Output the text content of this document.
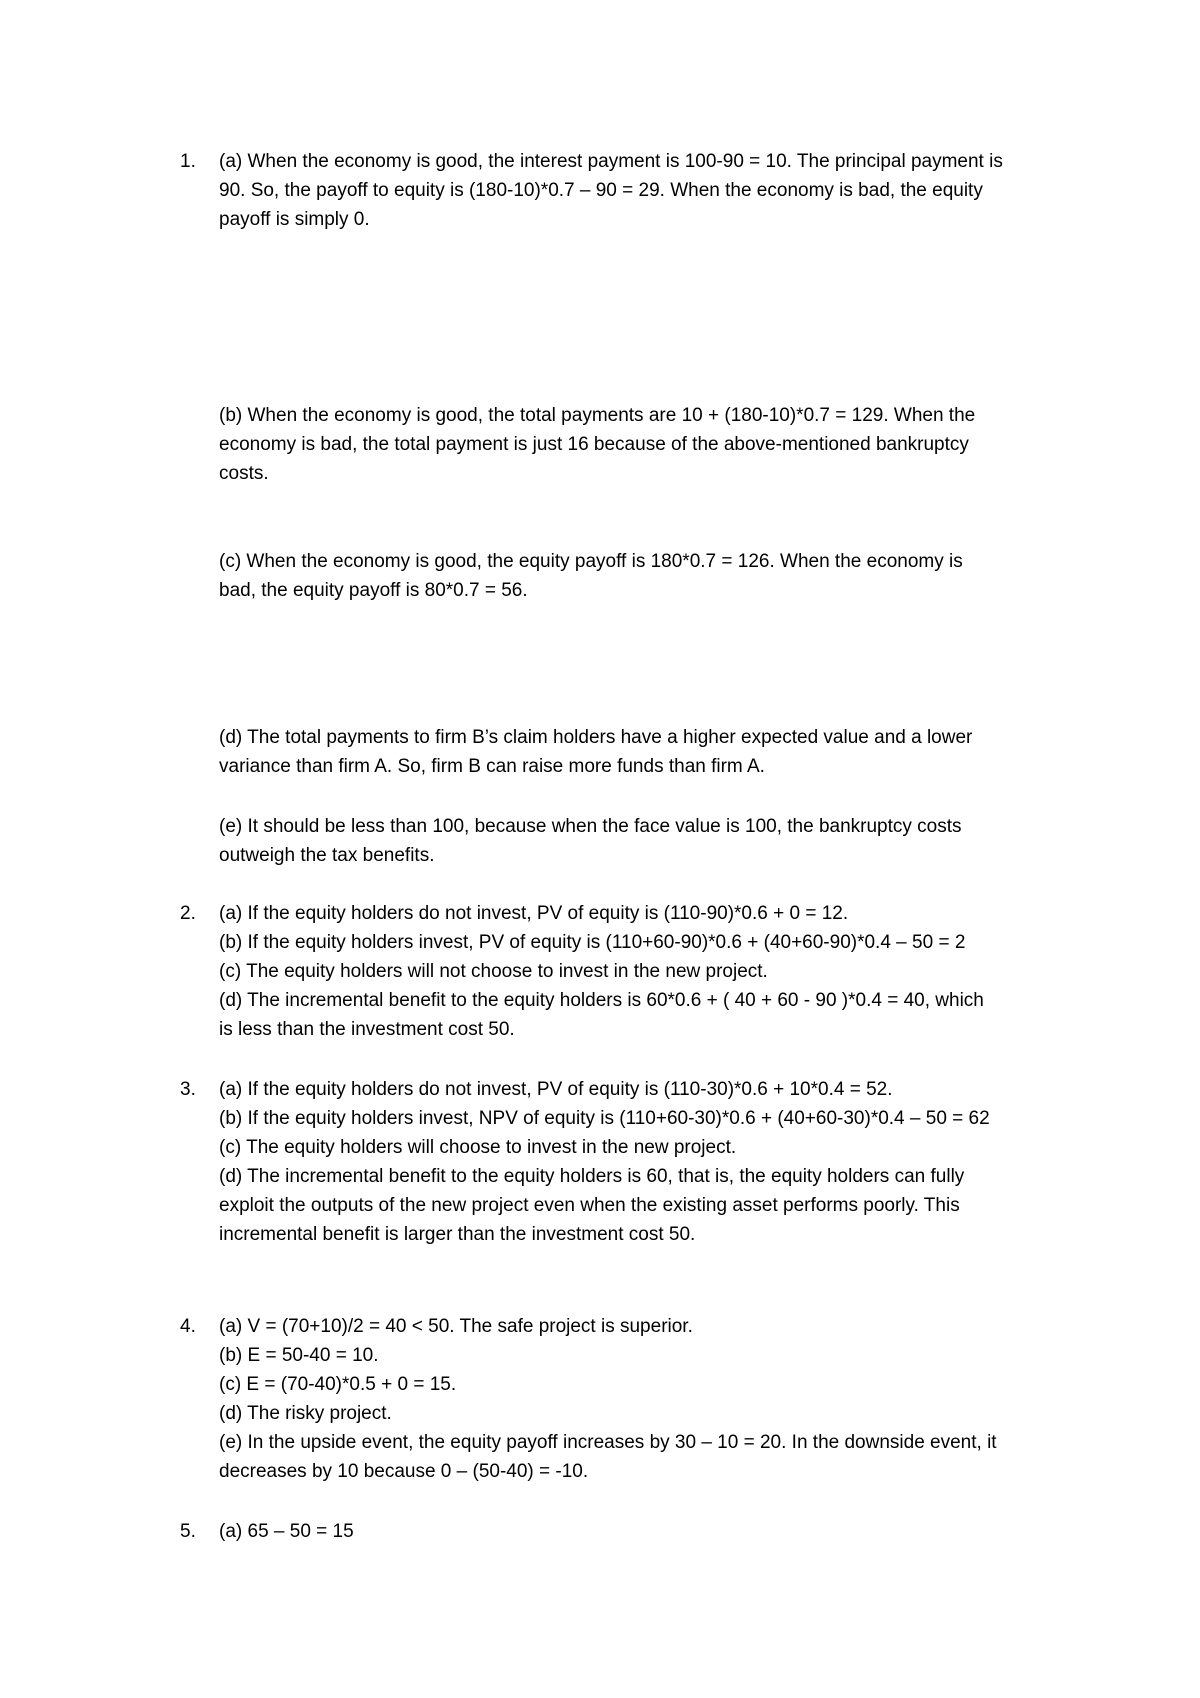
1. (a) When the economy is good, the interest payment is 100-90 = 10. The principal payment is
90. So, the payoff to equity is (180-10)*0.7 – 90 = 29. When the economy is bad, the equity
payoff is simply 0.
(b) When the economy is good, the total payments are 10 + (180-10)*0.7 = 129. When the
economy is bad, the total payment is just 16 because of the above-mentioned bankruptcy
costs.
(c) When the economy is good, the equity payoff is 180*0.7 = 126. When the economy is
bad, the equity payoff is 80*0.7 = 56.
(d) The total payments to firm B’s claim holders have a higher expected value and a lower
variance than firm A. So, firm B can raise more funds than firm A.
(e) It should be less than 100, because when the face value is 100, the bankruptcy costs
outweigh the tax benefits.
2. (a) If the equity holders do not invest, PV of equity is (110-90)*0.6 + 0 = 12.
(b) If the equity holders invest, PV of equity is (110+60-90)*0.6 + (40+60-90)*0.4 – 50 = 2
(c) The equity holders will not choose to invest in the new project.
(d) The incremental benefit to the equity holders is 60*0.6 + ( 40 + 60 - 90 )*0.4 = 40, which
is less than the investment cost 50.
3. (a) If the equity holders do not invest, PV of equity is (110-30)*0.6 + 10*0.4 = 52.
(b) If the equity holders invest, NPV of equity is (110+60-30)*0.6 + (40+60-30)*0.4 – 50 = 62
(c) The equity holders will choose to invest in the new project.
(d) The incremental benefit to the equity holders is 60, that is, the equity holders can fully
exploit the outputs of the new project even when the existing asset performs poorly. This
incremental benefit is larger than the investment cost 50.
4. (a) V = (70+10)/2 = 40 < 50. The safe project is superior.
(b) E = 50-40 = 10.
(c) E = (70-40)*0.5 + 0 = 15.
(d) The risky project.
(e) In the upside event, the equity payoff increases by 30 – 10 = 20. In the downside event, it
decreases by 10 because 0 – (50-40) = -10.
5. (a) 65 – 50 = 15
